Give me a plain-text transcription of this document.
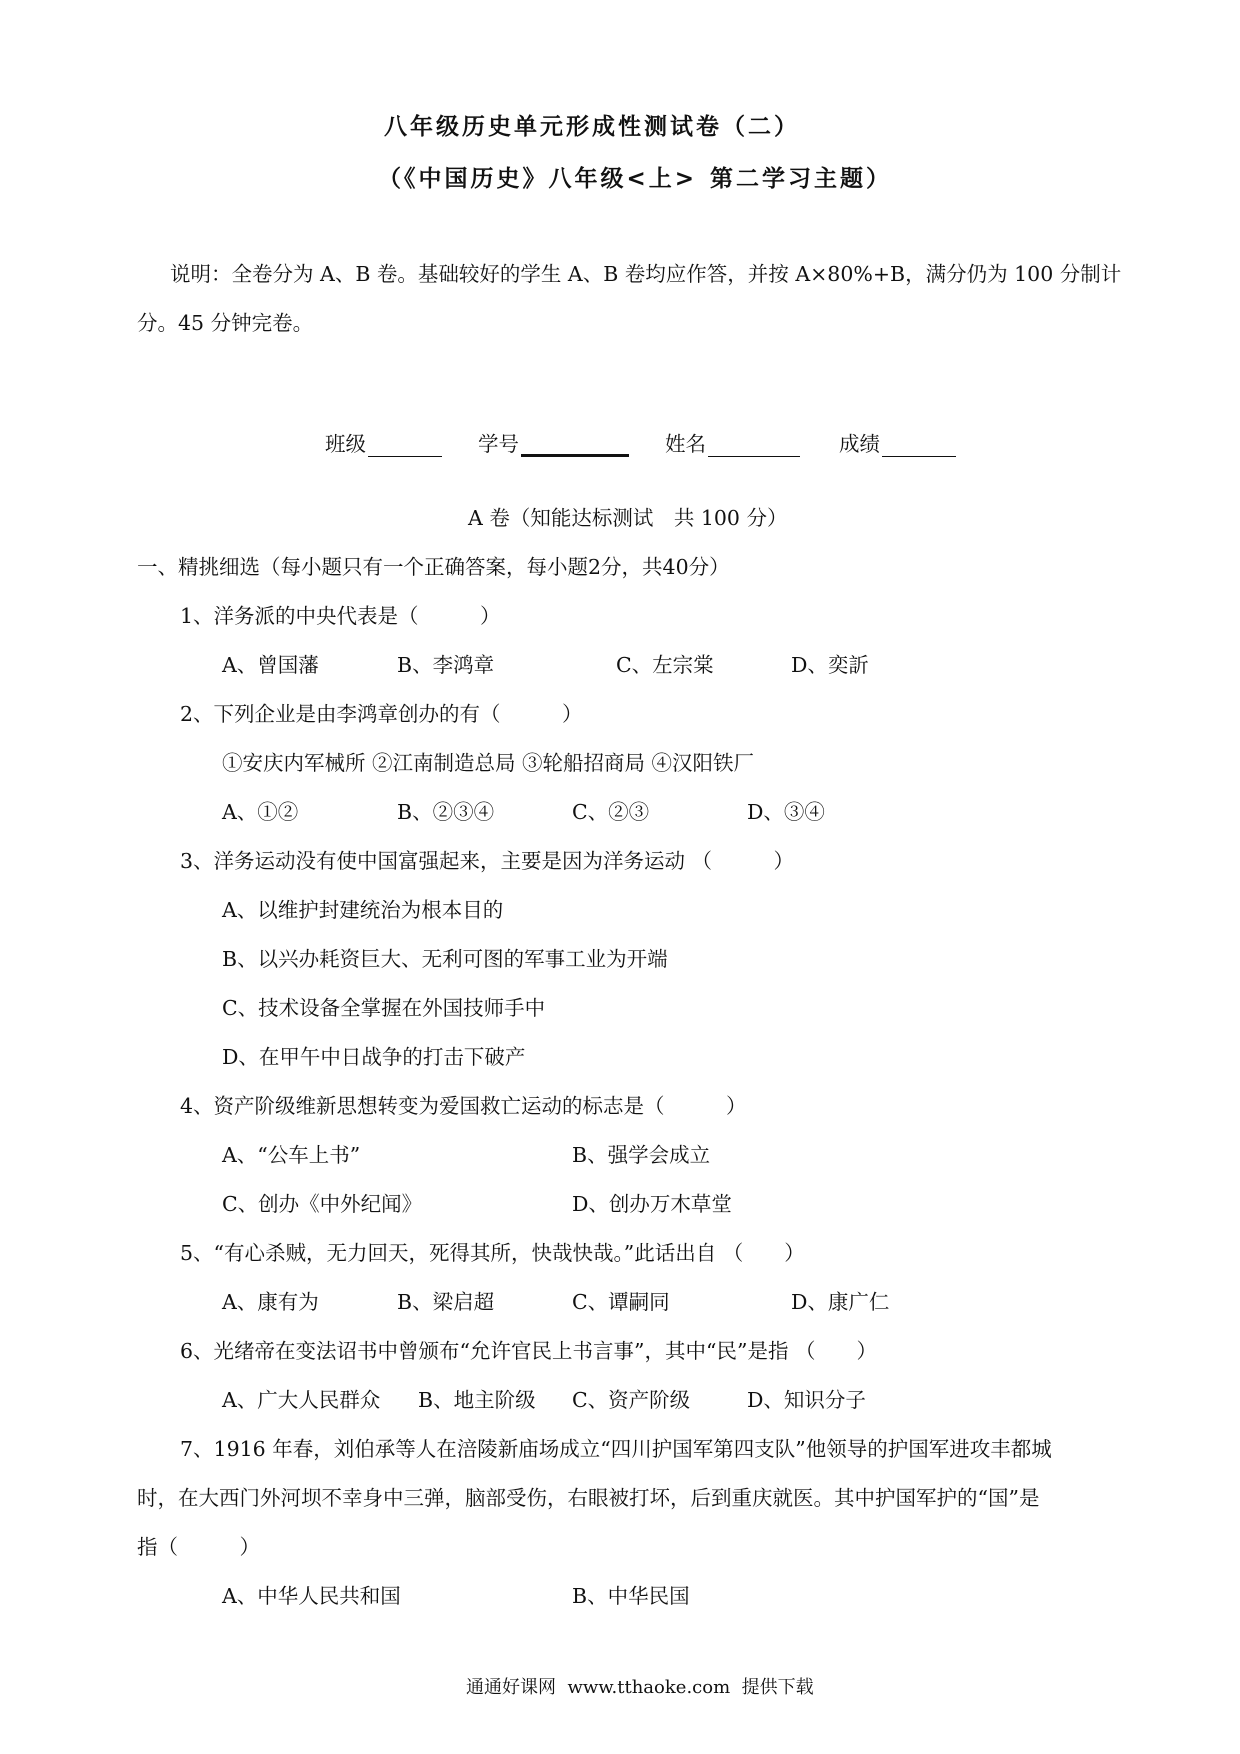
八年级历史单元形成性测试卷（二）
（《中国历史》八年级<上> 第二学习主题）
说明：全卷分为 A、B 卷。基础较好的学生 A、B 卷均应作答，并按 A×80%+B，满分仍为 100 分制计
分。45 分钟完卷。

班级	学号	姓名	成绩

A 卷（知能达标测试　共 100 分）
一、精挑细选（每小题只有一个正确答案，每小题2分，共40分）
1、洋务派的中央代表是（　　　）
A、曾国藩	B、李鸿章	C、左宗棠	D、奕訢
2、下列企业是由李鸿章创办的有（　　　）
①安庆内军械所 ②江南制造总局 ③轮船招商局 ④汉阳铁厂
A、①②	B、②③④	C、②③	D、③④
3、洋务运动没有使中国富强起来，主要是因为洋务运动 （　　　）
A、以维护封建统治为根本目的
B、以兴办耗资巨大、无利可图的军事工业为开端
C、技术设备全掌握在外国技师手中
D、在甲午中日战争的打击下破产
4、资产阶级维新思想转变为爱国救亡运动的标志是（　　　）
A、“公车上书”	B、强学会成立
C、创办《中外纪闻》	D、创办万木草堂
5、“有心杀贼，无力回天，死得其所，快哉快哉。”此话出自 （　　）
A、康有为	B、梁启超	C、谭嗣同	D、康广仁
6、光绪帝在变法诏书中曾颁布“允许官民上书言事”，其中“民”是指 （　　）
A、广大人民群众 B、地主阶级 C、资产阶级	D、知识分子
7、1916 年春，刘伯承等人在涪陵新庙场成立“四川护国军第四支队”他领导的护国军进攻丰都城
时，在大西门外河坝不幸身中三弹，脑部受伤，右眼被打坏，后到重庆就医。其中护国军护的“国”是
指（　　　）
A、中华人民共和国	B、中华民国
通通好课网  www.tthaoke.com  提供下载
